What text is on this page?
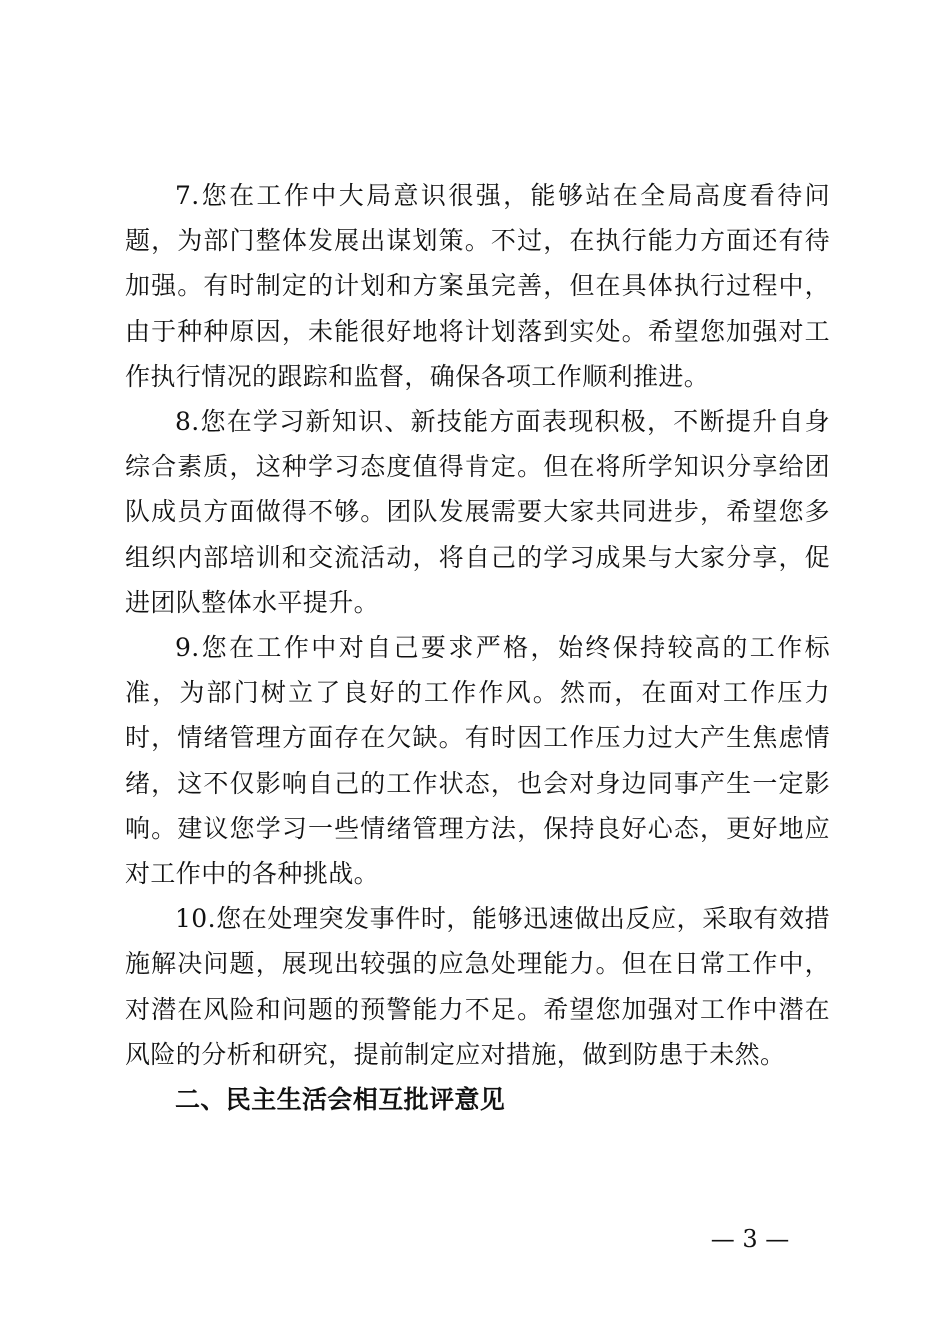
7.您在工作中大局意识很强，能够站在全局高度看待问题，为部门整体发展出谋划策。不过，在执行能力方面还有待加强。有时制定的计划和方案虽完善，但在具体执行过程中，由于种种原因，未能很好地将计划落到实处。希望您加强对工作执行情况的跟踪和监督，确保各项工作顺利推进。

8.您在学习新知识、新技能方面表现积极，不断提升自身综合素质，这种学习态度值得肯定。但在将所学知识分享给团队成员方面做得不够。团队发展需要大家共同进步，希望您多组织内部培训和交流活动，将自己的学习成果与大家分享，促进团队整体水平提升。

9.您在工作中对自己要求严格，始终保持较高的工作标准，为部门树立了良好的工作作风。然而，在面对工作压力时，情绪管理方面存在欠缺。有时因工作压力过大产生焦虑情绪，这不仅影响自己的工作状态，也会对身边同事产生一定影响。建议您学习一些情绪管理方法，保持良好心态，更好地应对工作中的各种挑战。

10.您在处理突发事件时，能够迅速做出反应，采取有效措施解决问题，展现出较强的应急处理能力。但在日常工作中，对潜在风险和问题的预警能力不足。希望您加强对工作中潜在风险的分析和研究，提前制定应对措施，做到防患于未然。

二、民主生活会相互批评意见

— 3 —
